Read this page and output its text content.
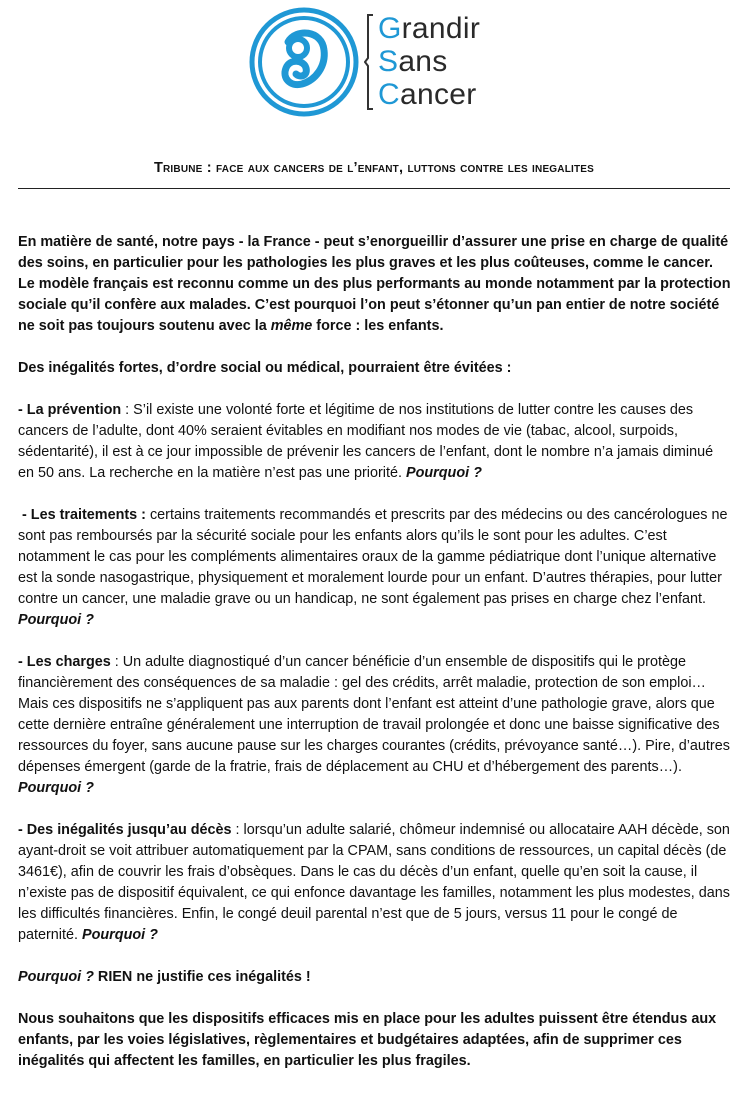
Grandir
Sans
Cancer
Tribune : face aux cancers de l’enfant, luttons contre les inegalites

En matière de santé, notre pays - la France - peut s’enorgueillir d’assurer une prise en charge de qualité des soins, en particulier pour les pathologies les plus graves et les plus coûteuses, comme le cancer. Le modèle français est reconnu comme un des plus performants au monde notamment par la protection sociale qu’il confère aux malades. C’est pourquoi l’on peut s’étonner qu’un pan entier de notre société ne soit pas toujours soutenu avec la même force : les enfants.

Des inégalités fortes, d’ordre social ou médical, pourraient être évitées :

- La prévention : S’il existe une volonté forte et légitime de nos institutions de lutter contre les causes des cancers de l’adulte, dont 40% seraient évitables en modifiant nos modes de vie (tabac, alcool, surpoids, sédentarité), il est à ce jour impossible de prévenir les cancers de l’enfant, dont le nombre n’a jamais diminué en 50 ans. La recherche en la matière n’est pas une priorité. Pourquoi ?

- Les traitements : certains traitements recommandés et prescrits par des médecins ou des cancérologues ne sont pas remboursés par la sécurité sociale pour les enfants alors qu’ils le sont pour les adultes. C’est notamment le cas pour les compléments alimentaires oraux de la gamme pédiatrique dont l’unique alternative est la sonde nasogastrique, physiquement et moralement lourde pour un enfant. D’autres thérapies, pour lutter contre un cancer, une maladie grave ou un handicap, ne sont également pas prises en charge chez l’enfant. Pourquoi ?

- Les charges : Un adulte diagnostiqué d’un cancer bénéficie d’un ensemble de dispositifs qui le protège financièrement des conséquences de sa maladie : gel des crédits, arrêt maladie, protection de son emploi… Mais ces dispositifs ne s’appliquent pas aux parents dont l’enfant est atteint d’une pathologie grave, alors que cette dernière entraîne généralement une interruption de travail prolongée et donc une baisse significative des ressources du foyer, sans aucune pause sur les charges courantes (crédits, prévoyance santé…). Pire, d’autres dépenses émergent (garde de la fratrie, frais de déplacement au CHU et d’hébergement des parents…). Pourquoi ?

- Des inégalités jusqu’au décès : lorsqu’un adulte salarié, chômeur indemnisé ou allocataire AAH décède, son ayant-droit se voit attribuer automatiquement par la CPAM, sans conditions de ressources, un capital décès (de 3461€), afin de couvrir les frais d’obsèques. Dans le cas du décès d’un enfant, quelle qu’en soit la cause, il n’existe pas de dispositif équivalent, ce qui enfonce davantage les familles, notamment les plus modestes, dans les difficultés financières. Enfin, le congé deuil parental n’est que de 5 jours, versus 11 pour le congé de paternité. Pourquoi ?

Pourquoi ? RIEN ne justifie ces inégalités !

Nous souhaitons que les dispositifs efficaces mis en place pour les adultes puissent être étendus aux enfants, par les voies législatives, règlementaires et budgétaires adaptées, afin de supprimer ces inégalités qui affectent les familles, en particulier les plus fragiles.
